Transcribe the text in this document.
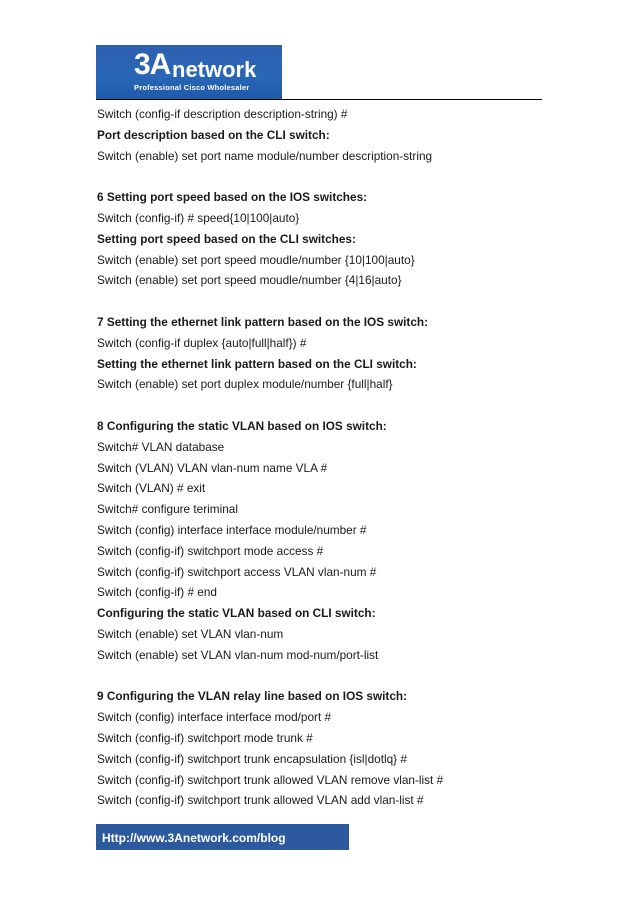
3A network
Professional Cisco Wholesaler
Switch (config-if description description-string) #
Port description based on the CLI switch:
Switch (enable) set port name module/number description-string
6 Setting port speed based on the IOS switches:
Switch (config-if) # speed{10|100|auto}
Setting port speed based on the CLI switches:
Switch (enable) set port speed moudle/number {10|100|auto}
Switch (enable) set port speed moudle/number {4|16|auto}
7 Setting the ethernet link pattern based on the IOS switch:
Switch (config-if duplex {auto|full|half}) #
Setting the ethernet link pattern based on the CLI switch:
Switch (enable) set port duplex module/number {full|half}
8 Configuring the static VLAN based on IOS switch:
Switch# VLAN database
Switch (VLAN) VLAN vlan-num name VLA #
Switch (VLAN) # exit
Switch# configure teriminal
Switch (config) interface interface module/number #
Switch (config-if) switchport mode access #
Switch (config-if) switchport access VLAN vlan-num #
Switch (config-if) # end
Configuring the static VLAN based on CLI switch:
Switch (enable) set VLAN vlan-num
Switch (enable) set VLAN vlan-num mod-num/port-list
9 Configuring the VLAN relay line based on IOS switch:
Switch (config) interface interface mod/port #
Switch (config-if) switchport mode trunk #
Switch (config-if) switchport trunk encapsulation {isl|dotlq} #
Switch (config-if) switchport trunk allowed VLAN remove vlan-list #
Switch (config-if) switchport trunk allowed VLAN add vlan-list #
Http://www.3Anetwork.com/blog
